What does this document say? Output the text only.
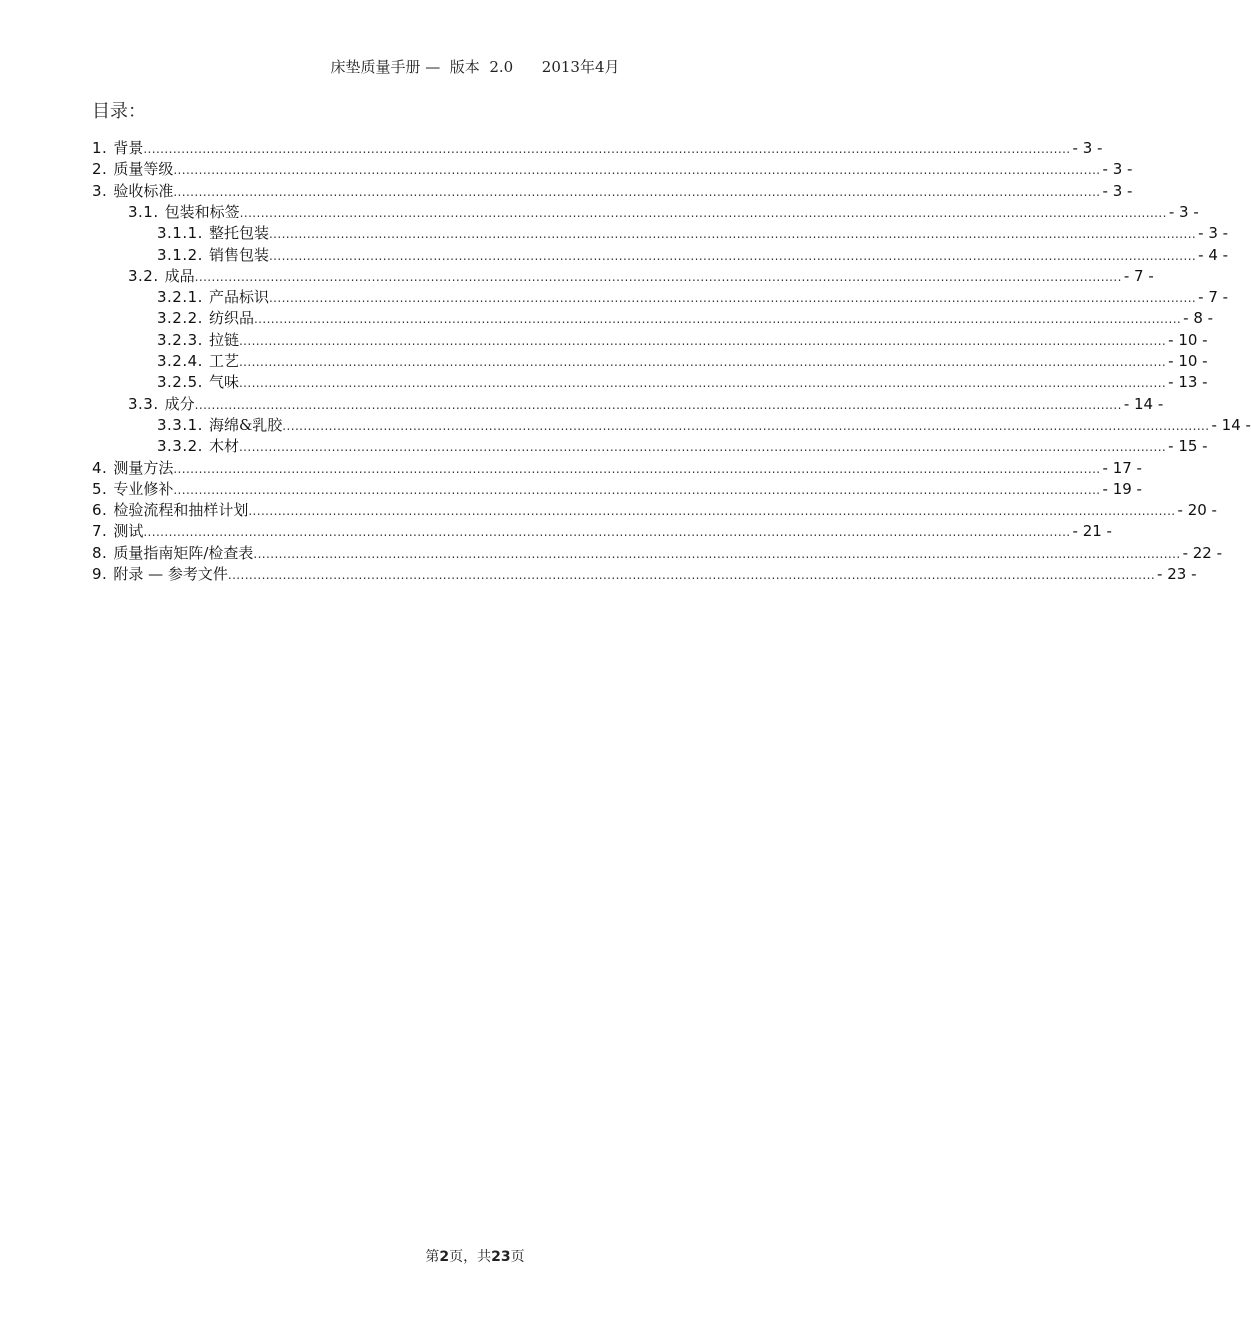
床垫质量手册 —  版本  2.0      2013年4月
目录：
1. 背景 ............................................................................................................................................................................................................................ - 3 -
2. 质量等级 ............................................................................................................................................................................................................................ - 3 -
3. 验收标准 ............................................................................................................................................................................................................................ - 3 -
3.1. 包装和标签 ............................................................................................................................................................................................................................ - 3 -
3.1.1. 整托包装 ............................................................................................................................................................................................................................ - 3 -
3.1.2. 销售包装 ............................................................................................................................................................................................................................ - 4 -
3.2. 成品 ............................................................................................................................................................................................................................ - 7 -
3.2.1. 产品标识 ............................................................................................................................................................................................................................ - 7 -
3.2.2. 纺织品 ............................................................................................................................................................................................................................ - 8 -
3.2.3. 拉链 ............................................................................................................................................................................................................................ - 10 -
3.2.4. 工艺 ............................................................................................................................................................................................................................ - 10 -
3.2.5. 气味 ............................................................................................................................................................................................................................ - 13 -
3.3. 成分 ............................................................................................................................................................................................................................ - 14 -
3.3.1. 海绵&乳胶 ............................................................................................................................................................................................................................ - 14 -
3.3.2. 木材 ............................................................................................................................................................................................................................ - 15 -
4. 测量方法 ............................................................................................................................................................................................................................ - 17 -
5. 专业修补 ............................................................................................................................................................................................................................ - 19 -
6. 检验流程和抽样计划 ............................................................................................................................................................................................................................ - 20 -
7. 测试 ............................................................................................................................................................................................................................ - 21 -
8. 质量指南矩阵/检查表 ............................................................................................................................................................................................................................ - 22 -
9. 附录 — 参考文件 ............................................................................................................................................................................................................................ - 23 -
第2页，共23页
